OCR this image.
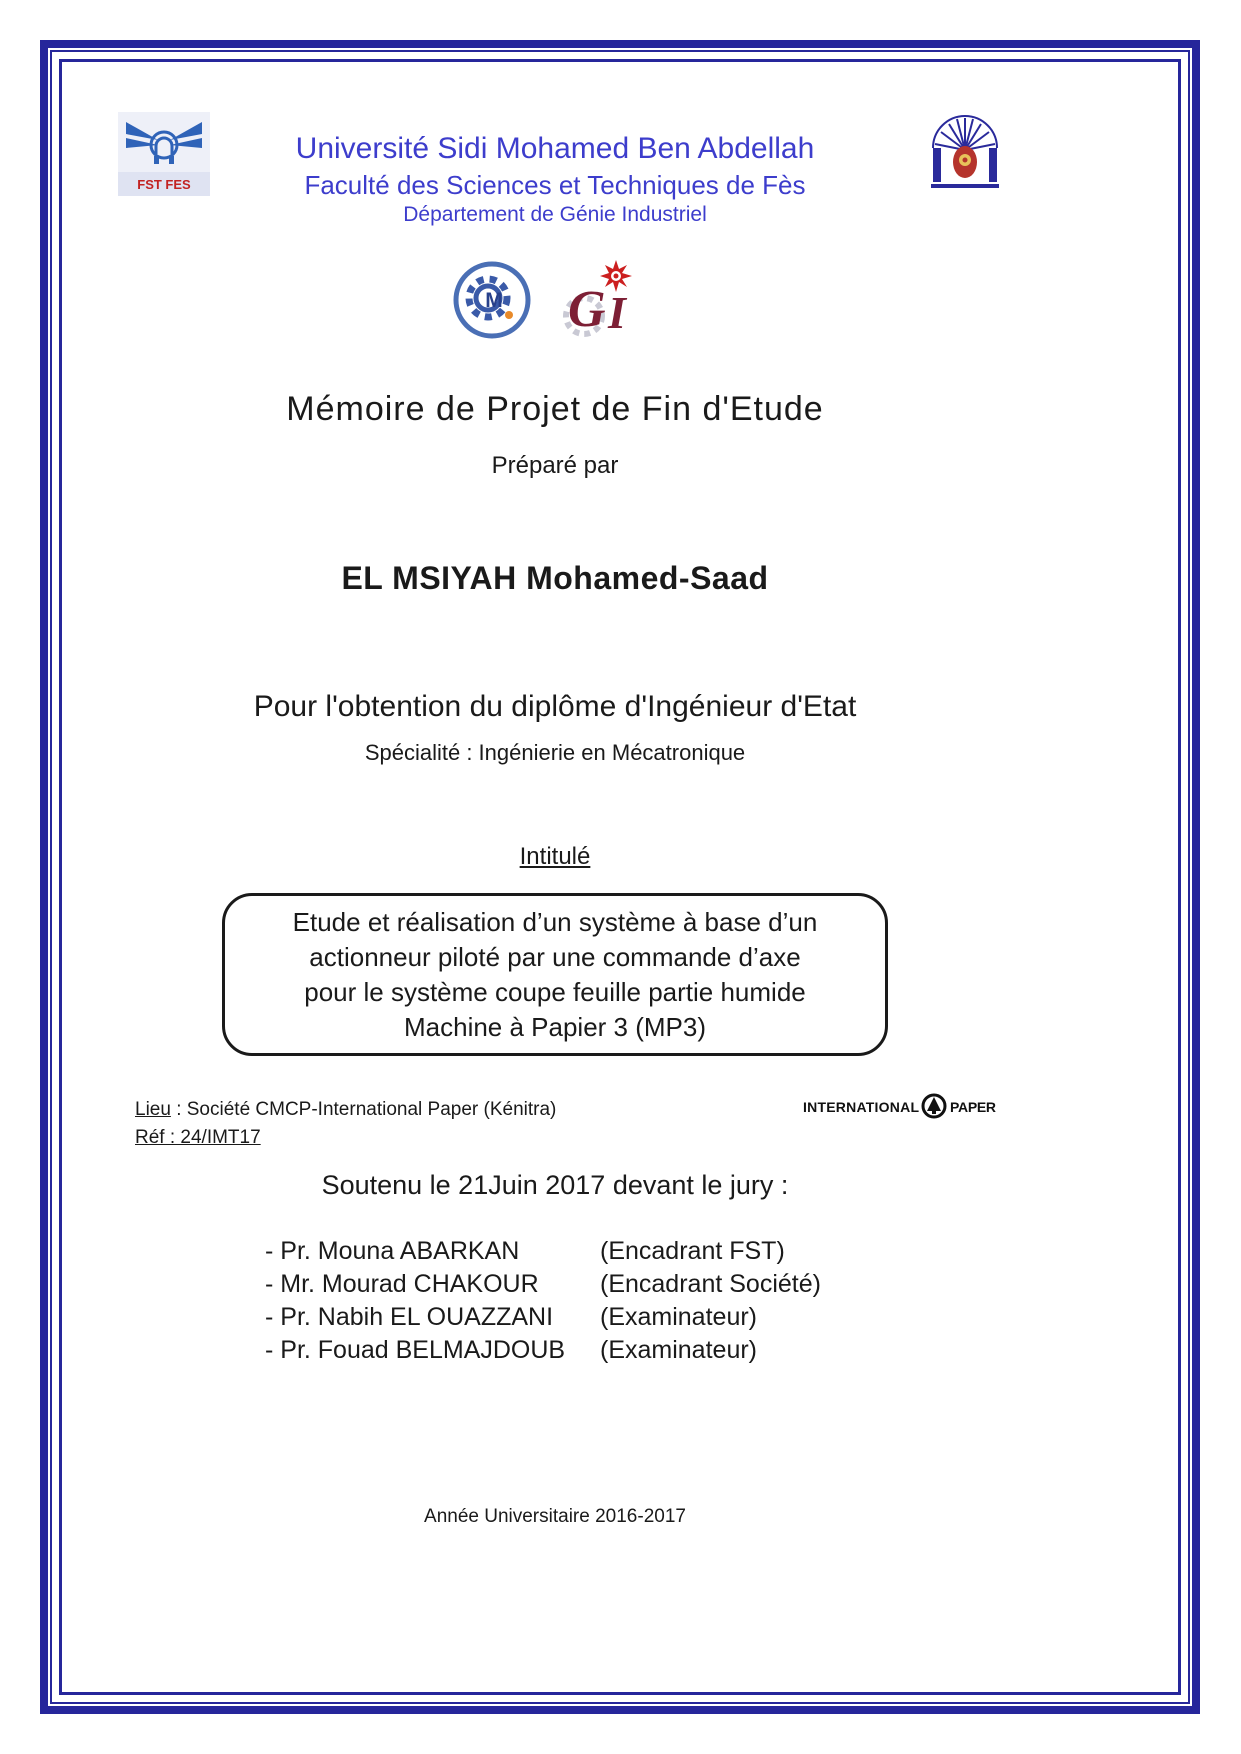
FST FES
Université Sidi Mohamed Ben Abdellah
Faculté des Sciences et Techniques de Fès
Département de Génie Industriel
M G I
Mémoire de Projet de Fin d'Etude
Préparé par
EL MSIYAH Mohamed-Saad
Pour l'obtention du diplôme d'Ingénieur d'Etat
Spécialité : Ingénierie en Mécatronique
Intitulé
Etude et réalisation d’un système à base d’un
actionneur piloté par une commande d’axe
pour le système coupe feuille partie humide
Machine à Papier 3 (MP3)
Lieu : Société CMCP-International Paper (Kénitra)
Réf : 24/IMT17
INTERNATIONAL PAPER
Soutenu le 21Juin 2017 devant le jury :
- Pr. Mouna ABARKAN	(Encadrant FST)
- Mr. Mourad CHAKOUR	(Encadrant Société)
- Pr. Nabih EL OUAZZANI	(Examinateur)
- Pr. Fouad BELMAJDOUB	(Examinateur)
Année Universitaire 2016-2017
